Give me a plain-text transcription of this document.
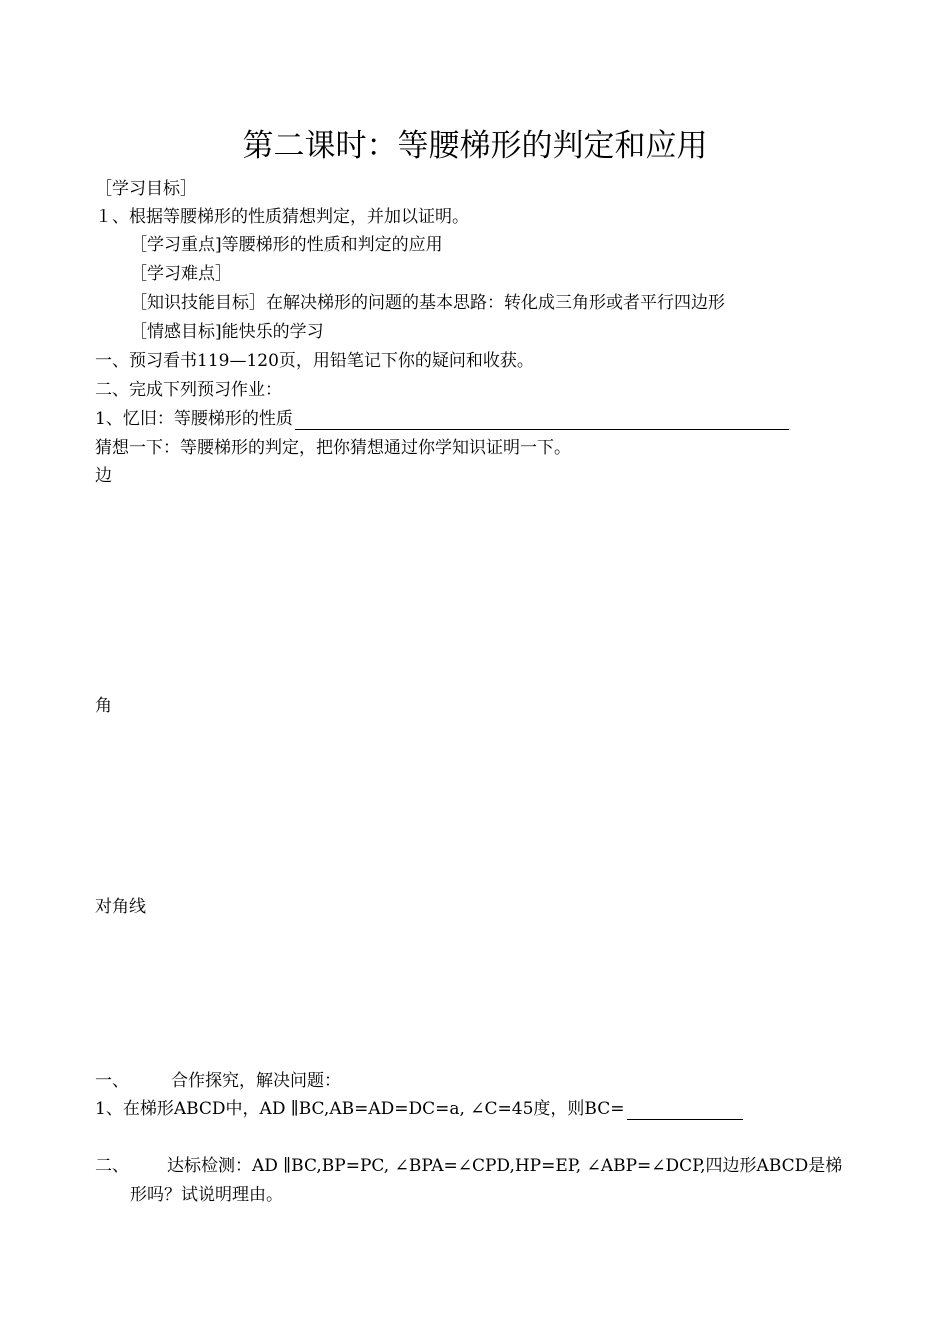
第二课时：等腰梯形的判定和应用
［学习目标］
１、根据等腰梯形的性质猜想判定，并加以证明。
［学习重点]等腰梯形的性质和判定的应用
［学习难点］
［知识技能目标］在解决梯形的问题的基本思路：转化成三角形或者平行四边形
［情感目标]能快乐的学习
一、预习看书119—120页，用铅笔记下你的疑问和收获。
二、完成下列预习作业：
1、忆旧：等腰梯形的性质
猜想一下：等腰梯形的判定，把你猜想通过你学知识证明一下。
边
角
对角线
一、 合作探究，解决问题：
1、在梯形ABCD中，AD ∥BC,AB=AD=DC=a, ∠C=45度，则BC=
二、 达标检测：AD ∥BC,BP=PC, ∠BPA=∠CPD,HP=EP, ∠ABP=∠DCP,四边形ABCD是梯
形吗？试说明理由。
